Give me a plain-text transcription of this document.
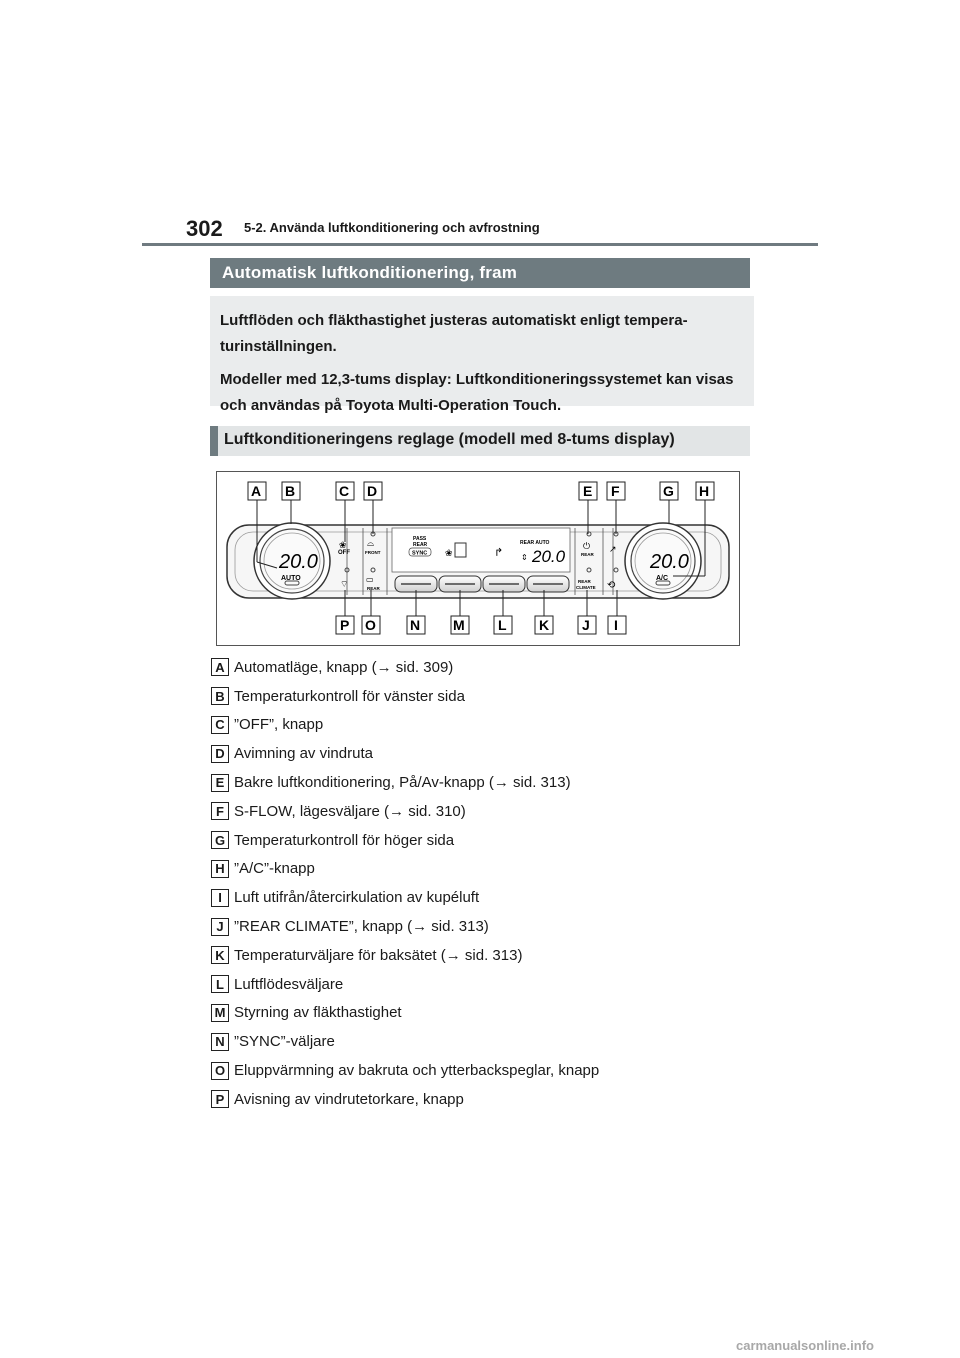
302 5-2. Använda luftkonditionering och avfrostning
Automatisk luftkonditionering, fram

Luftflöden och fläkthastighet justeras automatiskt enligt tempera-turinställningen.

Modeller med 12,3-tums display: Luftkonditioneringssystemet kan visas och användas på Toyota Multi-Operation Touch.

Luftkonditioneringens reglage (modell med 8-tums display)
20.0
AUTO
20.0
A/C
❀
OFF
⌓
FRONT
⌔
▭
REAR
PASS
REAR
SYNC ❀	↱
REAR AUTO
⇕ 20.0 ⏻
REAR ↗
REAR
CLIMATE ⟲
A B	C D	E F	G H
P O N M L K J I
A Automatläge, knapp (→ sid. 309)
B Temperaturkontroll för vänster sida
C ”OFF”, knapp
D Avimning av vindruta
E Bakre luftkonditionering, På/Av-knapp (→ sid. 313)
F S-FLOW, lägesväljare (→ sid. 310)
G Temperaturkontroll för höger sida
H ”A/C”-knapp
I Luft utifrån/återcirkulation av kupéluft
J ”REAR CLIMATE”, knapp (→ sid. 313)
K Temperaturväljare för baksätet (→ sid. 313)
L Luftflödesväljare
M Styrning av fläkthastighet
N ”SYNC”-väljare
O Eluppvärmning av bakruta och ytterbackspeglar, knapp
P Avisning av vindrutetorkare, knapp
carmanualsonline.info
